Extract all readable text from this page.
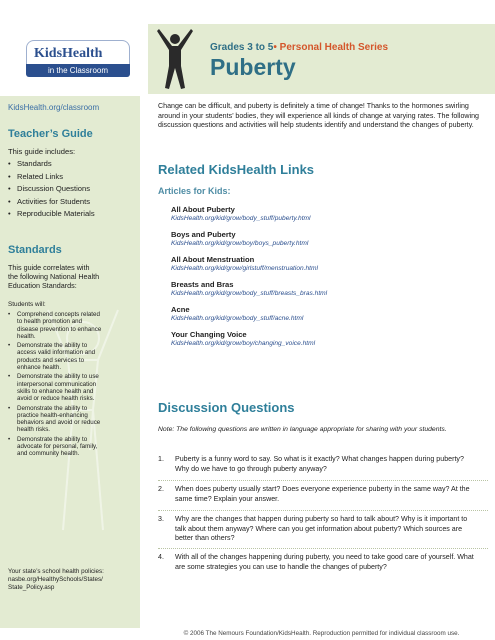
KidsHealth
in the Classroom
KidsHealth.org/classroom
Teacher’s Guide
This guide includes:
• Standards
• Related Links
• Discussion Questions
• Activities for Students
• Reproducible Materials
Standards
This guide correlates with
the following National Health
Education Standards:
Students will:
• Comprehend concepts related
to health promotion and
disease prevention to enhance
health.
• Demonstrate the ability to
access valid information and
products and services to
enhance health.
• Demonstrate the ability to use
interpersonal communication
skills to enhance health and
avoid or reduce health risks.
• Demonstrate the ability to
practice health-enhancing
behaviors and avoid or reduce
health risks.
• Demonstrate the ability to
advocate for personal, family,
and community health.
Your state’s school health policies:
nasbe.org/HealthySchools/States/
State_Policy.asp
Grades 3 to 5• Personal Health Series
Puberty
Change can be difficult, and puberty is definitely a time of change! Thanks to the hormones swirling around in your students’ bodies, they will experience all kinds of change at varying rates. The following discussion questions and activities will help students identify and understand the changes of puberty.
Related KidsHealth Links
Articles for Kids:
All About Puberty
KidsHealth.org/kid/grow/body_stuff/puberty.html
Boys and Puberty
KidsHealth.org/kid/grow/boy/boys_puberty.html
All About Menstruation
KidsHealth.org/kid/grow/girlstuff/menstruation.html
Breasts and Bras
KidsHealth.org/kid/grow/body_stuff/breasts_bras.html
Acne
KidsHealth.org/kid/grow/body_stuff/acne.html
Your Changing Voice
KidsHealth.org/kid/grow/boy/changing_voice.html
Discussion Questions
Note: The following questions are written in language appropriate for sharing with your students.
1. Puberty is a funny word to say. So what is it exactly? What changes happen during puberty? Why do we have to go through puberty anyway?
2. When does puberty usually start? Does everyone experience puberty in the same way? At the same time? Explain your answer.
3. Why are the changes that happen during puberty so hard to talk about? Why is it important to talk about them anyway? Where can you get information about puberty? Which sources are better than others?
4. With all of the changes happening during puberty, you need to take good care of yourself. What are some strategies you can use to handle the changes of puberty?
© 2006 The Nemours Foundation/KidsHealth. Reproduction permitted for individual classroom use.
